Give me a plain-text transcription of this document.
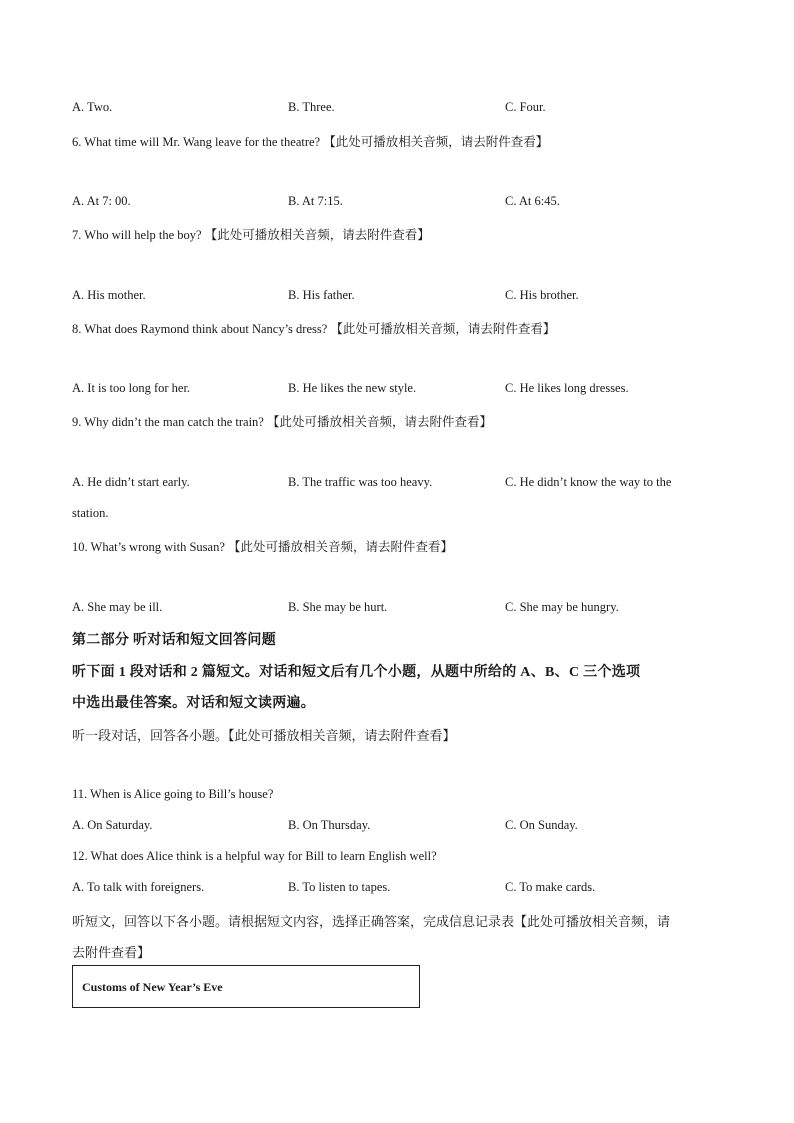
A. Two.	B. Three.	C. Four.
6. What time will Mr. Wang leave for the theatre? 【此处可播放相关音频，请去附件查看】
A. At 7: 00.	B. At 7:15.	C. At 6:45.
7. Who will help the boy? 【此处可播放相关音频，请去附件查看】
A. His mother.	B. His father.	C. His brother.
8. What does Raymond think about Nancy’s dress? 【此处可播放相关音频，请去附件查看】
A. It is too long for her.	B. He likes the new style.	C. He likes long dresses.
9. Why didn’t the man catch the train? 【此处可播放相关音频，请去附件查看】
A. He didn’t start early.	B. The traffic was too heavy.	C. He didn’t know the way to the
station.
10. What’s wrong with Susan? 【此处可播放相关音频，请去附件查看】
A. She may be ill.	B. She may be hurt.	C. She may be hungry.
第二部分 听对话和短文回答问题
听下面 1 段对话和 2 篇短文。对话和短文后有几个小题，从题中所给的 A、B、C 三个选项
中选出最佳答案。对话和短文读两遍。
听一段对话，回答各小题。【此处可播放相关音频，请去附件查看】
11. When is Alice going to Bill’s house?
A. On Saturday.	B. On Thursday.	C. On Sunday.
12. What does Alice think is a helpful way for Bill to learn English well?
A. To talk with foreigners.	B. To listen to tapes.	C. To make cards.
听短文，回答以下各小题。请根据短文内容，选择正确答案，完成信息记录表【此处可播放相关音频，请
去附件查看】
Customs of New Year’s Eve
